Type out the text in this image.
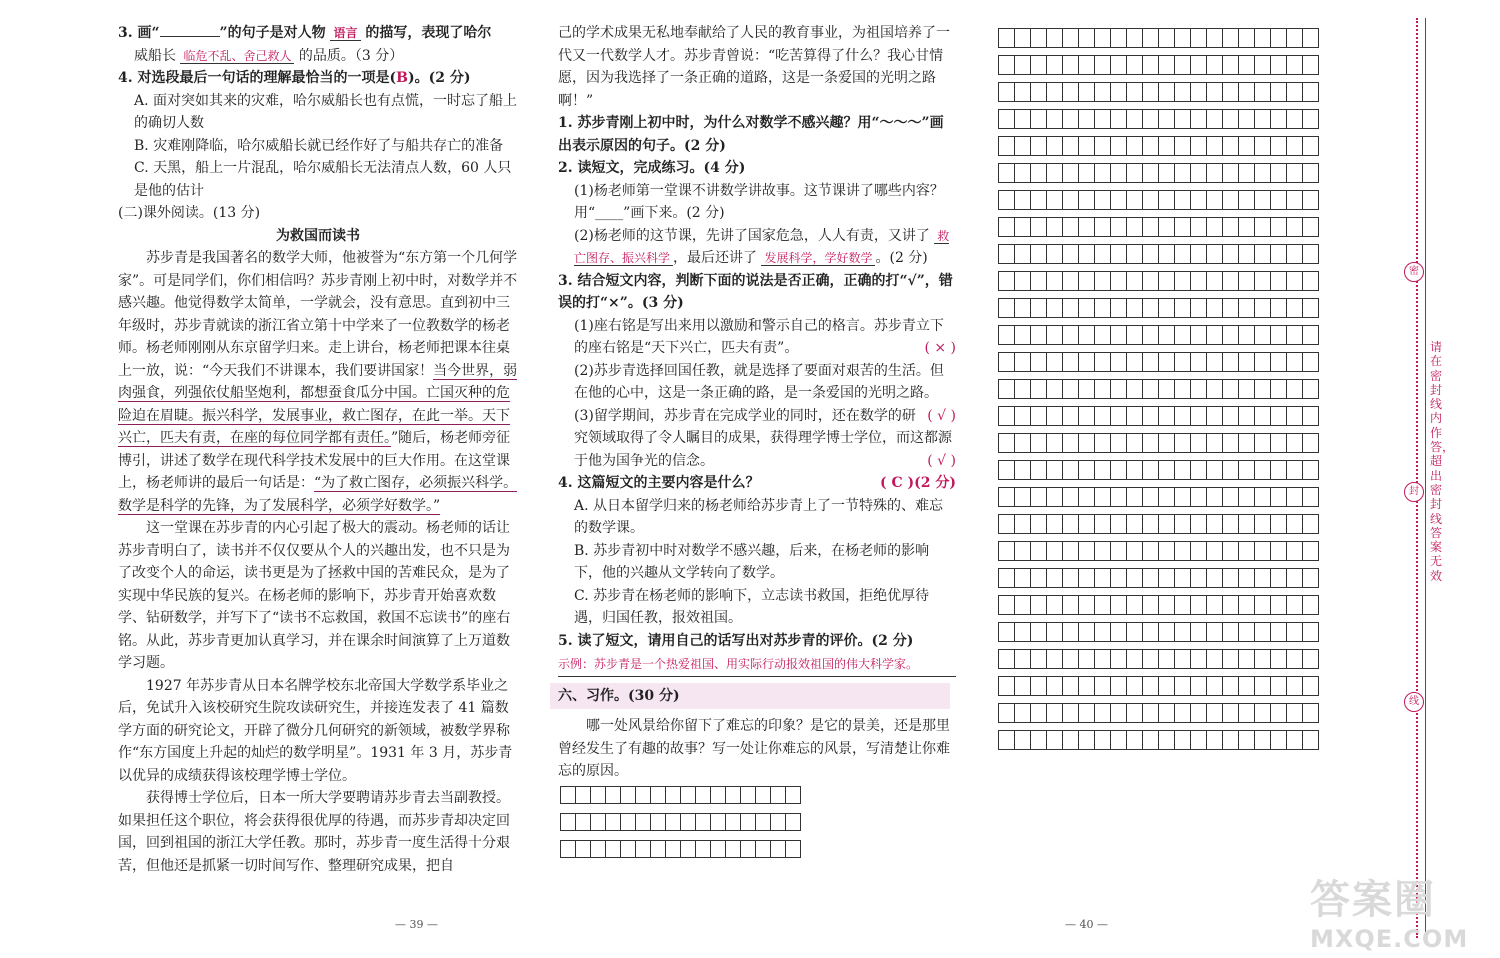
3. 画“	”的句子是对人物 语言 的描写，表现了哈尔

威船长 临危不乱、舍己救人 的品质。（3 分）

4. 对选段最后一句话的理解最恰当的一项是(B)。(2 分)

A. 面对突如其来的灾难，哈尔威船长也有点慌，一时忘了船上的确切人数

B. 灾难刚降临，哈尔威船长就已经作好了与船共存亡的准备

C. 天黑，船上一片混乱，哈尔威船长无法清点人数，60 人只是他的估计

(二)课外阅读。(13 分)

为救国而读书

苏步青是我国著名的数学大师，他被誉为“东方第一个几何学家”。可是同学们，你们相信吗？苏步青刚上初中时，对数学并不感兴趣。他觉得数学太简单，一学就会，没有意思。直到初中三年级时，苏步青就读的浙江省立第十中学来了一位教数学的杨老师。杨老师刚刚从东京留学归来。走上讲台，杨老师把课本往桌上一放，说：“今天我们不讲课本，我们要讲国家！当今世界，弱肉强食，列强依仗船坚炮利，都想蚕食瓜分中国。亡国灭种的危险迫在眉睫。振兴科学，发展事业，救亡图存，在此一举。天下兴亡，匹夫有责，在座的每位同学都有责任。”随后，杨老师旁征博引，讲述了数学在现代科学技术发展中的巨大作用。在这堂课上，杨老师讲的最后一句话是：“为了救亡图存，必须振兴科学。数学是科学的先锋，为了发展科学，必须学好数学。”

这一堂课在苏步青的内心引起了极大的震动。杨老师的话让苏步青明白了，读书并不仅仅要从个人的兴趣出发，也不只是为了改变个人的命运，读书更是为了拯救中国的苦难民众，是为了实现中华民族的复兴。在杨老师的影响下，苏步青开始喜欢数学、钻研数学，并写下了“读书不忘救国，救国不忘读书”的座右铭。从此，苏步青更加认真学习，并在课余时间演算了上万道数学习题。

1927 年苏步青从日本名牌学校东北帝国大学数学系毕业之后，免试升入该校研究生院攻读研究生，并接连发表了 41 篇数学方面的研究论文，开辟了微分几何研究的新领域，被数学界称作“东方国度上升起的灿烂的数学明星”。1931 年 3 月，苏步青以优异的成绩获得该校理学博士学位。

获得博士学位后，日本一所大学要聘请苏步青去当副教授。如果担任这个职位，将会获得很优厚的待遇，而苏步青却决定回国，回到祖国的浙江大学任教。那时，苏步青一度生活得十分艰苦，但他还是抓紧一切时间写作、整理研究成果，把自

— 39 —

己的学术成果无私地奉献给了人民的教育事业，为祖国培养了一代又一代数学人才。苏步青曾说：“吃苦算得了什么？我心甘情愿，因为我选择了一条正确的道路，这是一条爱国的光明之路啊！”

1. 苏步青刚上初中时，为什么对数学不感兴趣？用“～～～”画出表示原因的句子。(2 分)

2. 读短文，完成练习。(4 分)

(1)杨老师第一堂课不讲数学讲故事。这节课讲了哪些内容？用“____”画下来。(2 分)

(2)杨老师的这节课，先讲了国家危急，人人有责，又讲了 救亡图存、振兴科学 ，最后还讲了 发展科学，学好数学 。(2 分)

3. 结合短文内容，判断下面的说法是否正确，正确的打“√”，错误的打“×”。(3 分)

(1)座右铭是写出来用以激励和警示自己的格言。苏步青立下的座右铭是“天下兴亡，匹夫有责”。	( × )

(2)苏步青选择回国任教，就是选择了要面对艰苦的生活。但在他的心中，这是一条正确的路，是一条爱国的光明之路。
( √ )

(3)留学期间，苏步青在完成学业的同时，还在数学的研究领域取得了令人瞩目的成果，获得理学博士学位，而这都源于他为国争光的信念。	( √ )

4. 这篇短文的主要内容是什么？	( C )(2 分)

A. 从日本留学归来的杨老师给苏步青上了一节特殊的、难忘的数学课。

B. 苏步青初中时对数学不感兴趣，后来，在杨老师的影响下，他的兴趣从文学转向了数学。

C. 苏步青在杨老师的影响下，立志读书救国，拒绝优厚待遇，归国任教，报效祖国。

5. 读了短文，请用自己的话写出对苏步青的评价。(2 分)

示例：苏步青是一个热爱祖国、用实际行动报效祖国的伟大科学家。

六、习作。(30 分)

哪一处风景给你留下了难忘的印象？是它的景美，还是那里曾经发生了有趣的故事？写一处让你难忘的风景，写清楚让你难忘的原因。

— 40 —

密
封
线
请在密封线内作答，超出密封线答案无效
答案圈
MXQE.COM
